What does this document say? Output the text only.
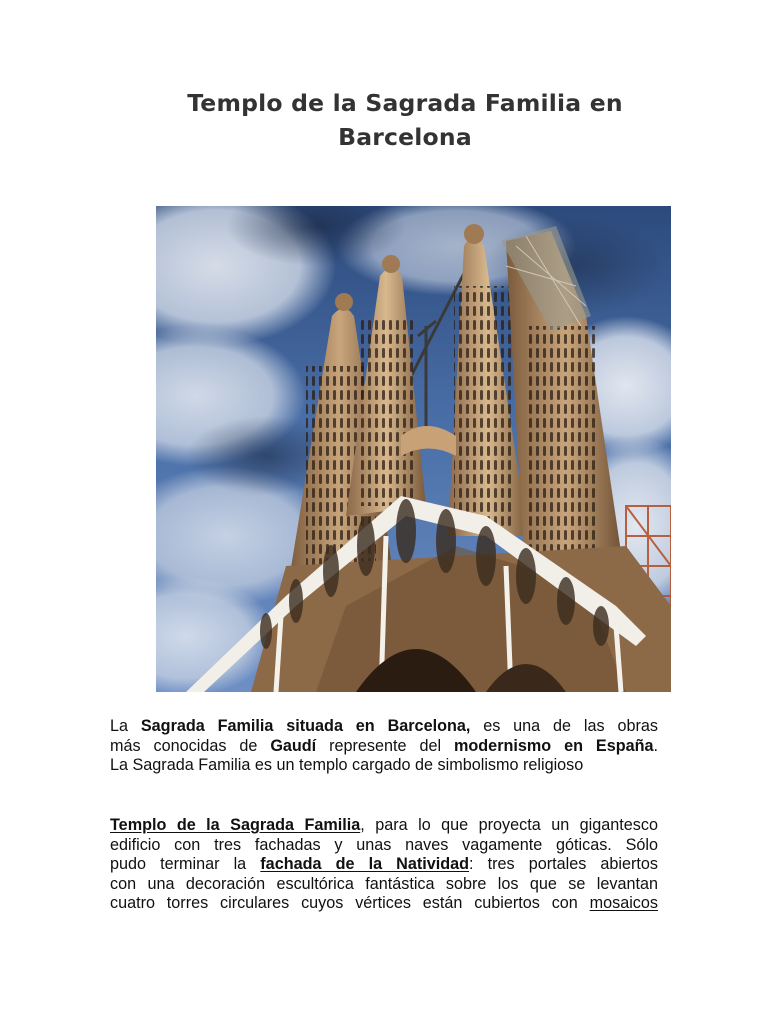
Templo de la Sagrada Familia en Barcelona

La Sagrada Familia situada en Barcelona, es una de las obras
más conocidas de Gaudí represente del modernismo en España.
La Sagrada Familia es un templo cargado de simbolismo religioso

Templo de la Sagrada Familia, para lo que proyecta un gigantesco
edificio con tres fachadas y unas naves vagamente góticas. Sólo
pudo terminar la fachada de la Natividad: tres portales abiertos
con una decoración escultórica fantástica sobre los que se levantan
cuatro torres circulares cuyos vértices están cubiertos con mosaicos
